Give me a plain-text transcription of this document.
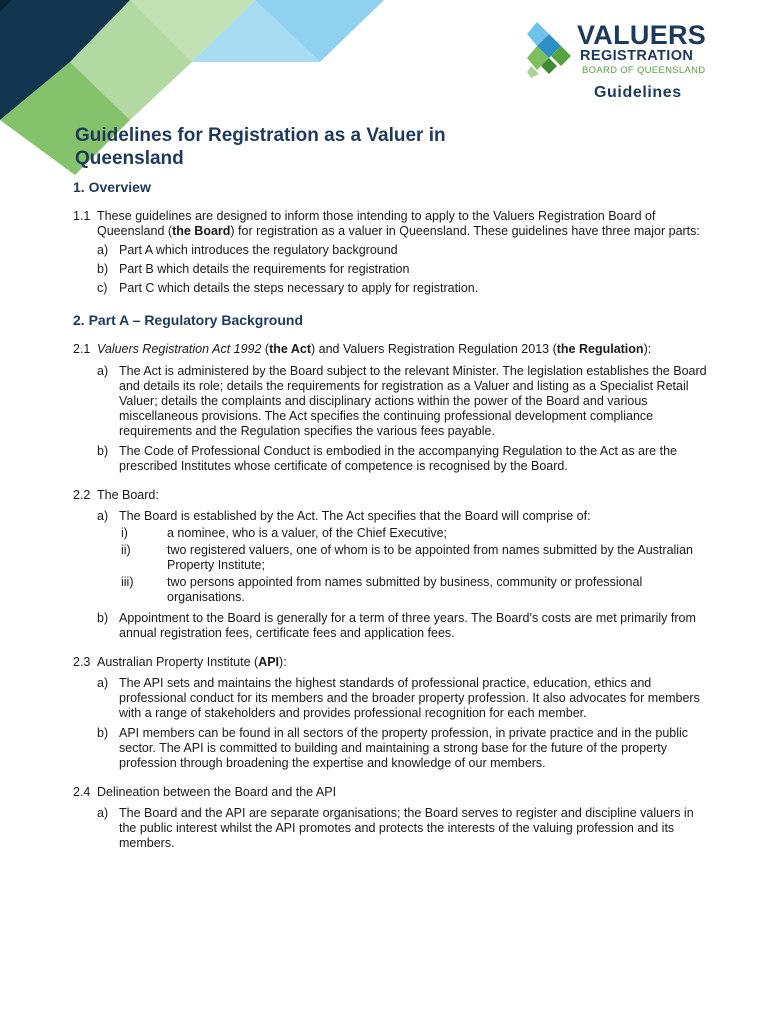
VALUERS
REGISTRATION
BOARD OF QUEENSLAND
Guidelines
Guidelines for Registration as a Valuer in Queensland

1. Overview

1.1 These guidelines are designed to inform those intending to apply to the Valuers Registration Board of Queensland (the Board) for registration as a valuer in Queensland. These guidelines have three major parts:
a) Part A which introduces the regulatory background
b) Part B which details the requirements for registration
c) Part C which details the steps necessary to apply for registration.

2. Part A – Regulatory Background

2.1 Valuers Registration Act 1992 (the Act) and Valuers Registration Regulation 2013 (the Regulation):
a) The Act is administered by the Board subject to the relevant Minister. The legislation establishes the Board and details its role; details the requirements for registration as a Valuer and listing as a Specialist Retail Valuer; details the complaints and disciplinary actions within the power of the Board and various miscellaneous provisions. The Act specifies the continuing professional development compliance requirements and the Regulation specifies the various fees payable.
b) The Code of Professional Conduct is embodied in the accompanying Regulation to the Act as are the prescribed Institutes whose certificate of competence is recognised by the Board.
2.2 The Board:
a) The Board is established by the Act. The Act specifies that the Board will comprise of:
i)	a nominee, who is a valuer, of the Chief Executive;
ii)	two registered valuers, one of whom is to be appointed from names submitted by the Australian Property Institute;
iii)	two persons appointed from names submitted by business, community or professional organisations.
b) Appointment to the Board is generally for a term of three years. The Board’s costs are met primarily from annual registration fees, certificate fees and application fees.
2.3 Australian Property Institute (API):
a) The API sets and maintains the highest standards of professional practice, education, ethics and professional conduct for its members and the broader property profession. It also advocates for members with a range of stakeholders and provides professional recognition for each member.
b) API members can be found in all sectors of the property profession, in private practice and in the public sector. The API is committed to building and maintaining a strong base for the future of the property profession through broadening the expertise and knowledge of our members.
2.4 Delineation between the Board and the API
a) The Board and the API are separate organisations; the Board serves to register and discipline valuers in the public interest whilst the API promotes and protects the interests of the valuing profession and its members.
